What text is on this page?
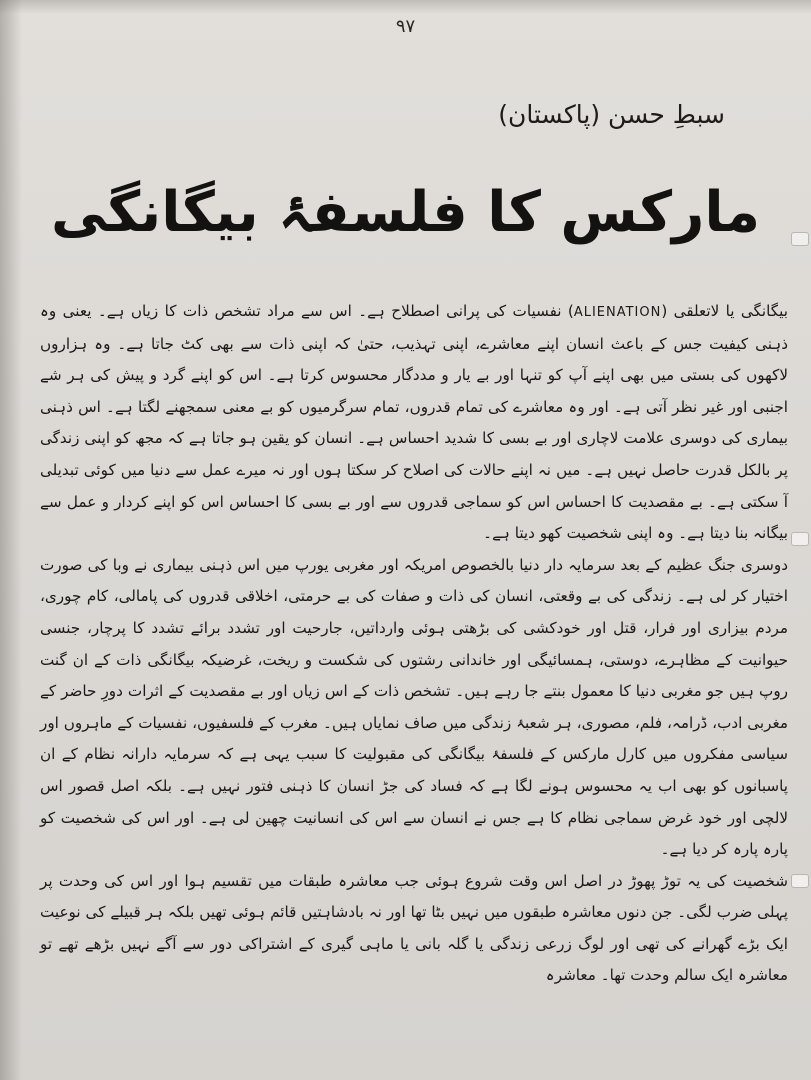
۹۷
سبطِ حسن (پاکستان)
مارکس کا فلسفۂ بیگانگی

بیگانگی یا لاتعلقی (ALIENATION) نفسیات کی پرانی اصطلاح ہے۔ اس سے مراد تشخص ذات کا زیاں ہے۔ یعنی وہ ذہنی کیفیت جس کے باعث انسان اپنے معاشرے، اپنی تہذیب، حتیٰ کہ اپنی ذات سے بھی کٹ جاتا ہے۔ وہ ہزاروں لاکھوں کی بستی میں بھی اپنے آپ کو تنہا اور بے یار و مددگار محسوس کرتا ہے۔ اس کو اپنے گرد و پیش کی ہر شے اجنبی اور غیر نظر آتی ہے۔ اور وہ معاشرے کی تمام قدروں، تمام سرگرمیوں کو بے معنی سمجھنے لگتا ہے۔ اس ذہنی بیماری کی دوسری علامت لاچاری اور بے بسی کا شدید احساس ہے۔ انسان کو یقین ہو جاتا ہے کہ مجھ کو اپنی زندگی پر بالکل قدرت حاصل نہیں ہے۔ میں نہ اپنے حالات کی اصلاح کر سکتا ہوں اور نہ میرے عمل سے دنیا میں کوئی تبدیلی آ سکتی ہے۔ بے مقصدیت کا احساس اس کو سماجی قدروں سے اور بے بسی کا احساس اس کو اپنے کردار و عمل سے بیگانہ بنا دیتا ہے۔ وہ اپنی شخصیت کھو دیتا ہے۔

دوسری جنگ عظیم کے بعد سرمایہ دار دنیا بالخصوص امریکہ اور مغربی یورپ میں اس ذہنی بیماری نے وبا کی صورت اختیار کر لی ہے۔ زندگی کی بے وقعتی، انسان کی ذات و صفات کی بے حرمتی، اخلاقی قدروں کی پامالی، کام چوری، مردم بیزاری اور فرار، قتل اور خودکشی کی بڑھتی ہوئی وارداتیں، جارحیت اور تشدد برائے تشدد کا پرچار، جنسی حیوانیت کے مظاہرے، دوستی، ہمسائیگی اور خاندانی رشتوں کی شکست و ریخت، غرضیکہ بیگانگی ذات کے ان گنت روپ ہیں جو مغربی دنیا کا معمول بنتے جا رہے ہیں۔ تشخص ذات کے اس زیاں اور بے مقصدیت کے اثرات دورِ حاضر کے مغربی ادب، ڈرامہ، فلم، مصوری، ہر شعبۂ زندگی میں صاف نمایاں ہیں۔ مغرب کے فلسفیوں، نفسیات کے ماہروں اور سیاسی مفکروں میں کارل مارکس کے فلسفۂ بیگانگی کی مقبولیت کا سبب یہی ہے کہ سرمایہ دارانہ نظام کے ان پاسبانوں کو بھی اب یہ محسوس ہونے لگا ہے کہ فساد کی جڑ انسان کا ذہنی فتور نہیں ہے۔ بلکہ اصل قصور اس لالچی اور خود غرض سماجی نظام کا ہے جس نے انسان سے اس کی انسانیت چھین لی ہے۔ اور اس کی شخصیت کو پارہ پارہ کر دیا ہے۔

شخصیت کی یہ توڑ پھوڑ در اصل اس وقت شروع ہوئی جب معاشرہ طبقات میں تقسیم ہوا اور اس کی وحدت پر پہلی ضرب لگی۔ جن دنوں معاشرہ طبقوں میں نہیں بٹا تھا اور نہ بادشاہتیں قائم ہوئی تھیں بلکہ ہر قبیلے کی نوعیت ایک بڑے گھرانے کی تھی اور لوگ زرعی زندگی یا گلہ بانی یا ماہی گیری کے اشتراکی دور سے آگے نہیں بڑھے تھے تو معاشرہ ایک سالم وحدت تھا۔ معاشرہ
